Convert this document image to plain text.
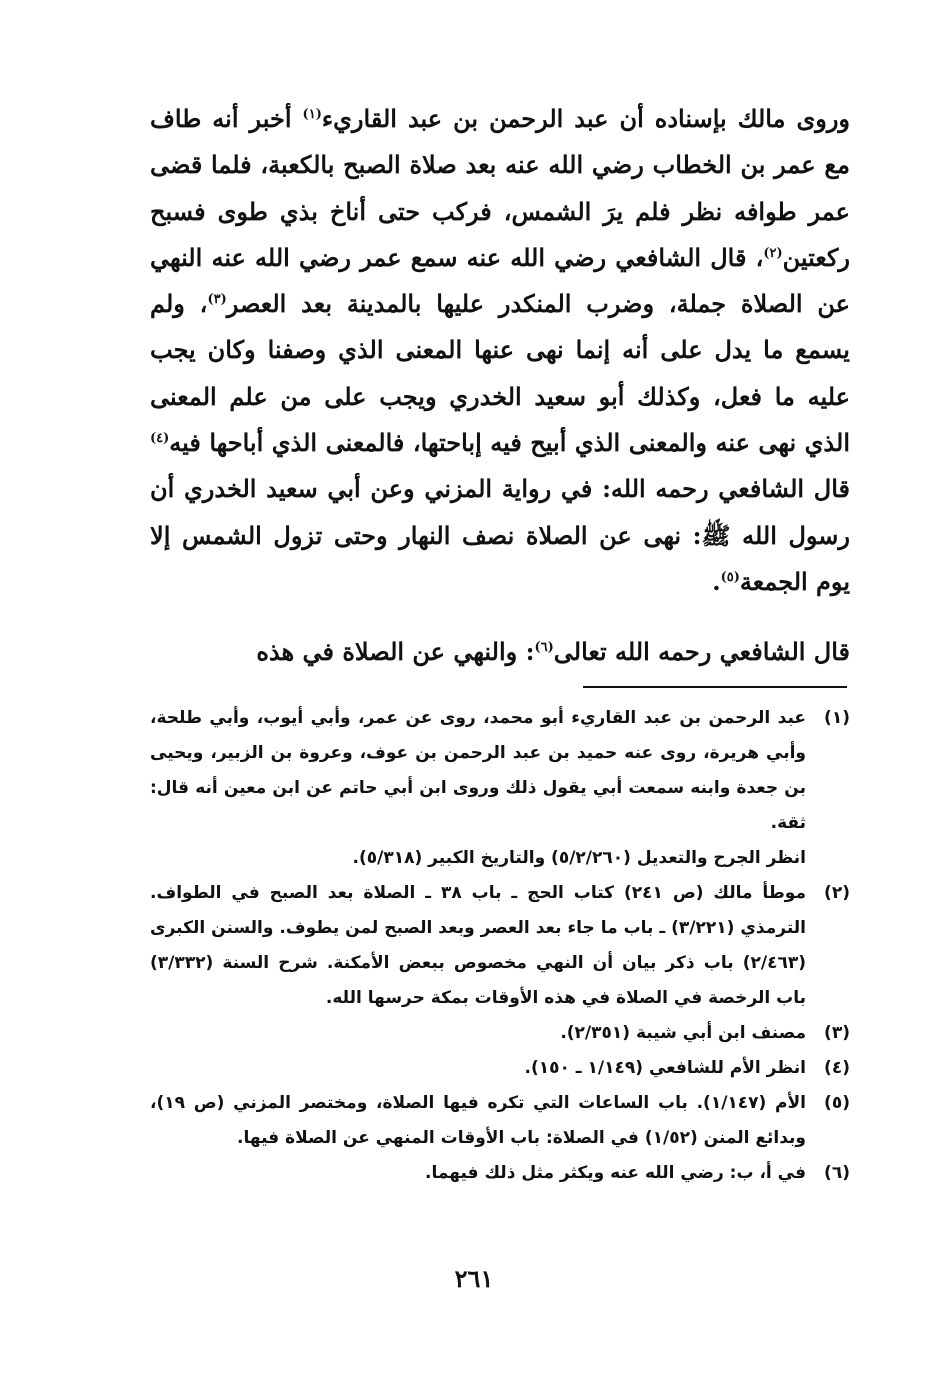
وروى مالك بإسناده أن عبد الرحمن بن عبد القاريء$^{(١)}$ أخبر أنه طاف مع عمر بن الخطاب رضي الله عنه بعد صلاة الصبح بالكعبة، فلما قضى عمر طوافه نظر فلم يرَ الشمس، فركب حتى أناخ بذي طوى فسبح ركعتين$^{(٢)}$، قال الشافعي رضي الله عنه سمع عمر رضي الله عنه النهي عن الصلاة جملة، وضرب المنكدر عليها بالمدينة بعد العصر$^{(٣)}$، ولم يسمع ما يدل على أنه إنما نهى عنها المعنى الذي وصفنا وكان يجب عليه ما فعل، وكذلك أبو سعيد الخدري ويجب على من علم المعنى الذي نهى عنه والمعنى الذي أبيح فيه إباحتها، فالمعنى الذي أباحها فيه$^{(٤)}$ قال الشافعي رحمه الله: في رواية المزني وعن أبي سعيد الخدري أن رسول الله ﷺ: نهى عن الصلاة نصف النهار وحتى تزول الشمس إلا يوم الجمعة$^{(٥)}$.

قال الشافعي رحمه الله تعالى$^{(٦)}$: والنهي عن الصلاة في هذه

(١)
عبد الرحمن بن عبد القاريء أبو محمد، روى عن عمر، وأبي أيوب، وأبي طلحة، وأبي هريرة، روى عنه حميد بن عبد الرحمن بن عوف، وعروة بن الزبير، ويحيى بن جعدة وابنه سمعت أبي يقول ذلك وروى ابن أبي حاتم عن ابن معين أنه قال: ثقة.
انظر الجرح والتعديل (٥/٢/٢٦٠) والتاريخ الكبير (٥/٣١٨).
(٢)
موطأ مالك (ص ٢٤١) كتاب الحج ـ باب ٣٨ ـ الصلاة بعد الصبح في الطواف. الترمذي (٣/٢٢١) ـ باب ما جاء بعد العصر وبعد الصبح لمن يطوف. والسنن الكبرى (٢/٤٦٣) باب ذكر بيان أن النهي مخصوص ببعض الأمكنة. شرح السنة (٣/٣٣٢) باب الرخصة في الصلاة في هذه الأوقات بمكة حرسها الله.
(٣)
مصنف ابن أبي شيبة (٢/٣٥١).
(٤)
انظر الأم للشافعي (١/١٤٩ ـ ١٥٠).
(٥)
الأم (١/١٤٧). باب الساعات التي تكره فيها الصلاة، ومختصر المزني (ص ١٩)، وبدائع المنن (١/٥٢) في الصلاة: باب الأوقات المنهي عن الصلاة فيها.
(٦)
في أ، ب: رضي الله عنه ويكثر مثل ذلك فيهما.
٢٦١
